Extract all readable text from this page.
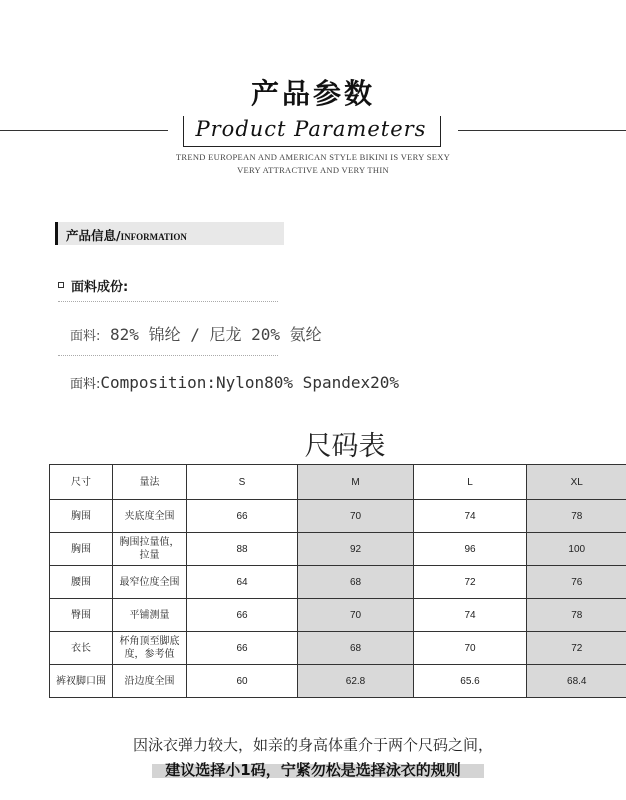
产品参数
Product Parameters
TREND EUROPEAN AND AMERICAN STYLE BIKINI IS VERY SEXY
VERY ATTRACTIVE AND VERY THIN
产品信息/INFORMATION
面料成份:
面料: 82% 锦纶 / 尼龙 20% 氨纶
面料:Composition:Nylon80% Spandex20%
尺码表
尺寸	量法	S	M	L	XL
胸围	夹底度全围	66	70	74	78
胸围	胸围拉量值，拉量	88	92	96	100
腰围	最窄位度全围	64	68	72	76
臀围	平铺测量	66	70	74	78
衣长	杯角顶至脚底度，参考值	66	68	70	72
裤衩脚口围	沿边度全围	60	62.8	65.6	68.4
因泳衣弹力较大，如亲的身高体重介于两个尺码之间，
建议选择小1码，宁紧勿松是选择泳衣的规则
